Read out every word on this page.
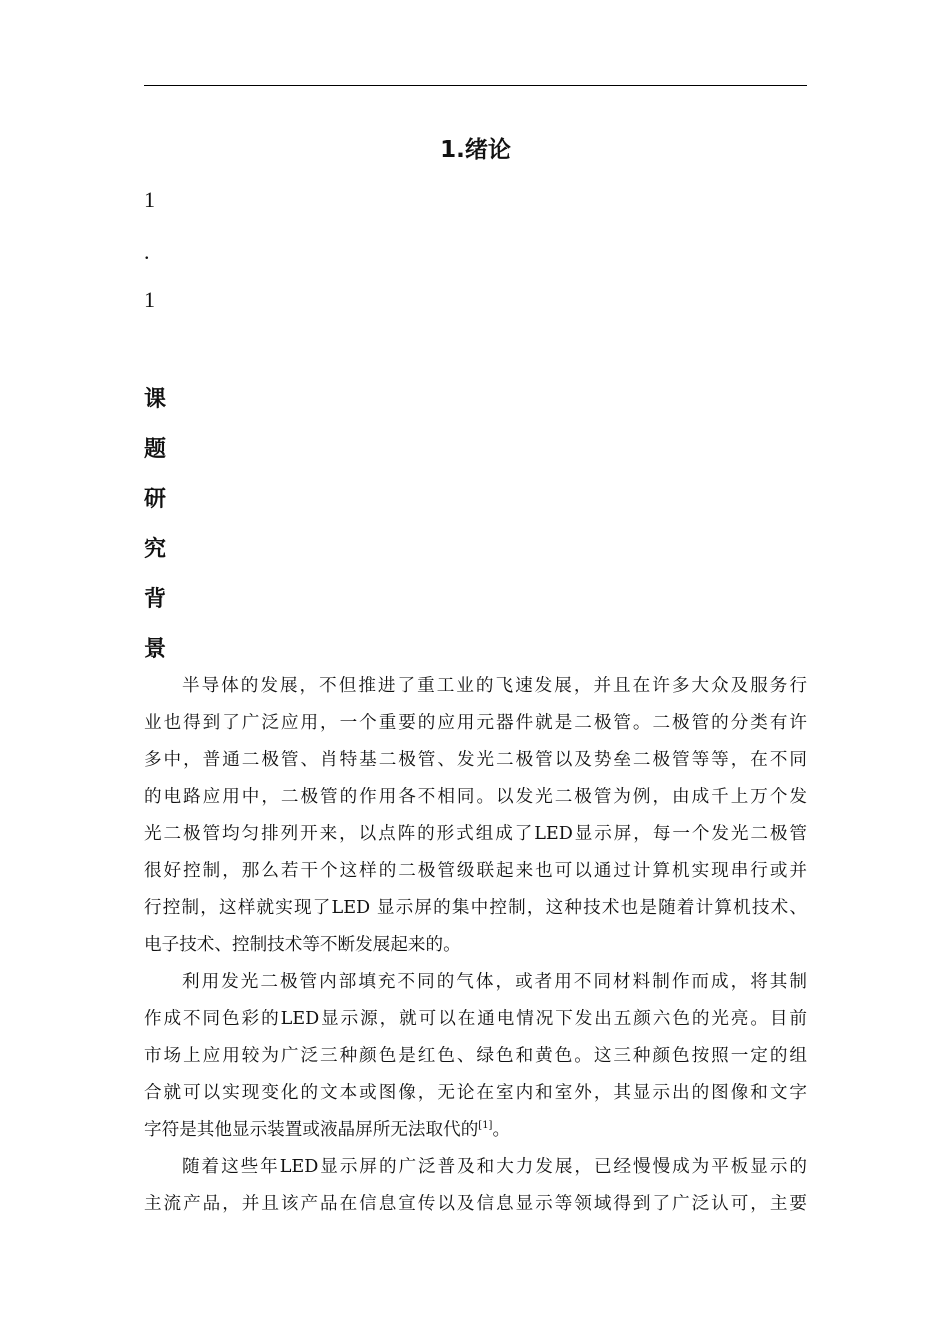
1.绪论
1
.
1
课
题
研
究
背
景
半导体的发展，不但推进了重工业的飞速发展，并且在许多大众及服务行
业也得到了广泛应用，一个重要的应用元器件就是二极管。二极管的分类有许
多中，普通二极管、肖特基二极管、发光二极管以及势垒二极管等等，在不同
的电路应用中，二极管的作用各不相同。以发光二极管为例，由成千上万个发
光二极管均匀排列开来，以点阵的形式组成了LED显示屏，每一个发光二极管
很好控制，那么若干个这样的二极管级联起来也可以通过计算机实现串行或并
行控制，这样就实现了LED 显示屏的集中控制，这种技术也是随着计算机技术、
电子技术、控制技术等不断发展起来的。
利用发光二极管内部填充不同的气体，或者用不同材料制作而成，将其制
作成不同色彩的LED显示源，就可以在通电情况下发出五颜六色的光亮。目前
市场上应用较为广泛三种颜色是红色、绿色和黄色。这三种颜色按照一定的组
合就可以实现变化的文本或图像，无论在室内和室外，其显示出的图像和文字
字符是其他显示装置或液晶屏所无法取代的[1]。
随着这些年LED显示屏的广泛普及和大力发展，已经慢慢成为平板显示的
主流产品，并且该产品在信息宣传以及信息显示等领域得到了广泛认可，主要
